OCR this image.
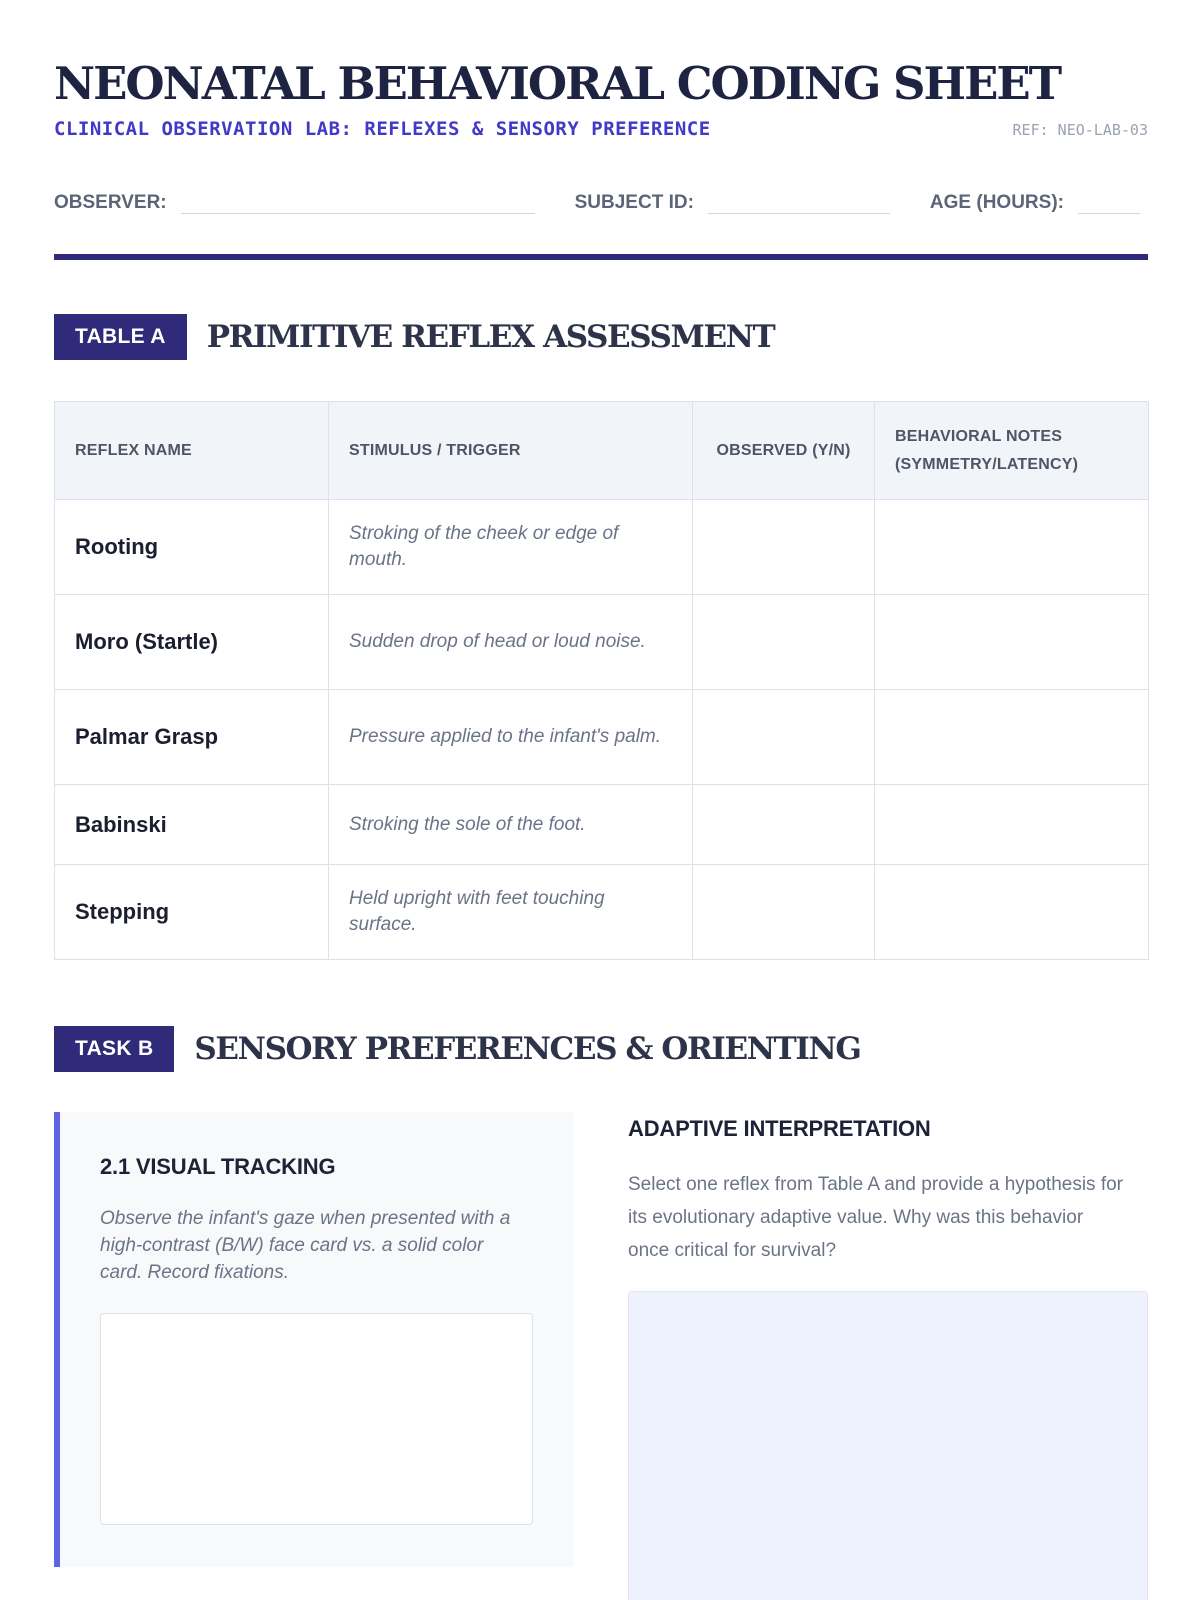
NEONATAL BEHAVIORAL CODING SHEET
CLINICAL OBSERVATION LAB: REFLEXES & SENSORY PREFERENCE	REF: NEO-LAB-03
OBSERVER:	SUBJECT ID:	AGE (HOURS):
TABLE A	PRIMITIVE REFLEX ASSESSMENT
REFLEX NAME	STIMULUS / TRIGGER	OBSERVED (Y/N)	BEHAVIORAL NOTES (SYMMETRY/LATENCY)
Rooting	Stroking of the cheek or edge of mouth.		
Moro (Startle)	Sudden drop of head or loud noise.		
Palmar Grasp	Pressure applied to the infant's palm.		
Babinski	Stroking the sole of the foot.		
Stepping	Held upright with feet touching surface.		
TASK B	SENSORY PREFERENCES & ORIENTING
2.1 VISUAL TRACKING

Observe the infant's gaze when presented with a high-contrast (B/W) face card vs. a solid color card. Record fixations.

ADAPTIVE INTERPRETATION

Select one reflex from Table A and provide a hypothesis for its evolutionary adaptive value. Why was this behavior once critical for survival?
